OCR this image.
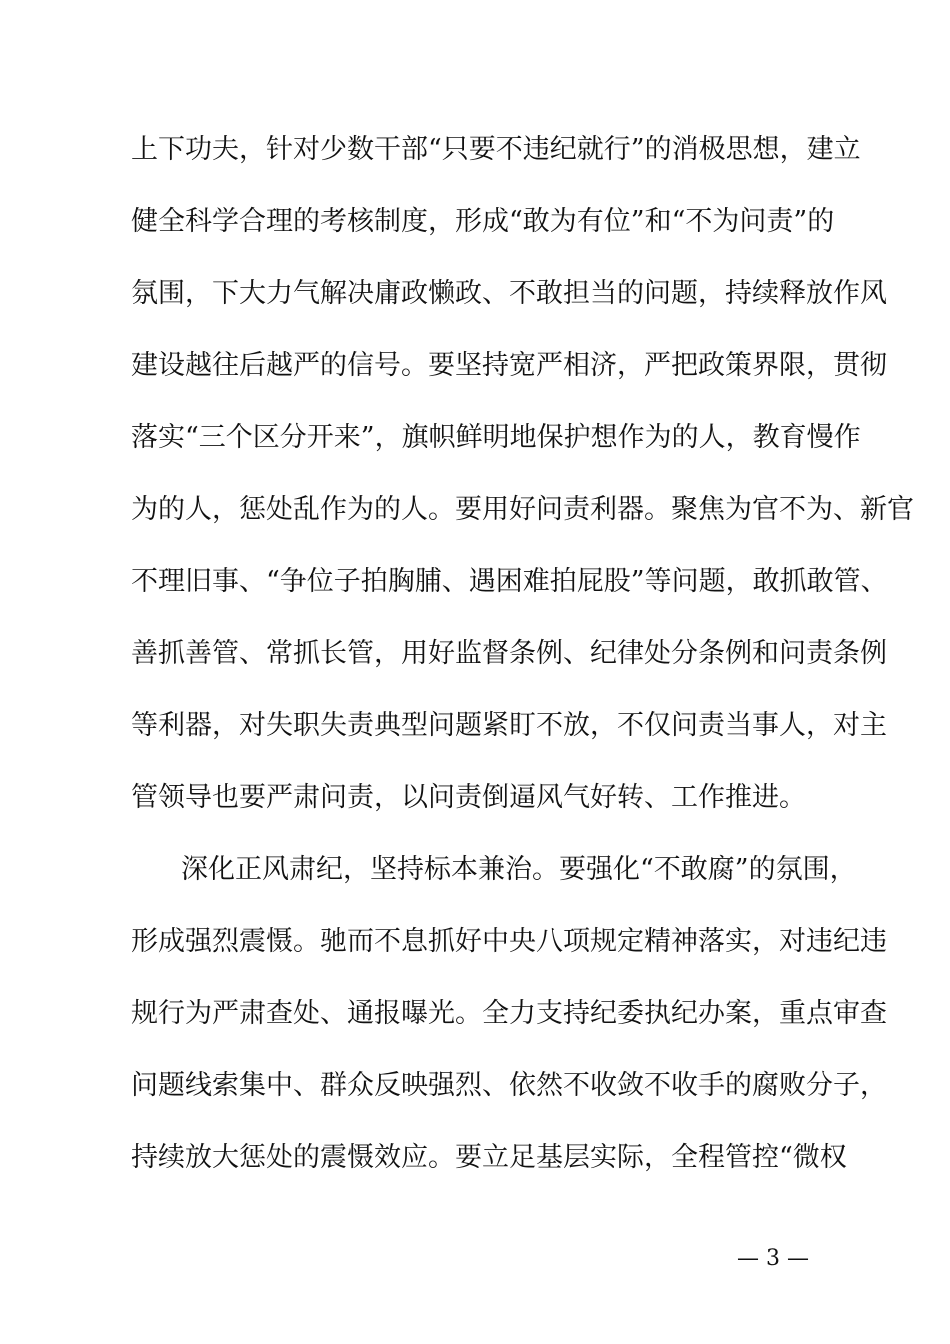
上下功夫，针对少数干部“只要不违纪就行”的消极思想，建立
健全科学合理的考核制度，形成“敢为有位”和“不为问责”的
氛围，下大力气解决庸政懒政、不敢担当的问题，持续释放作风
建设越往后越严的信号。要坚持宽严相济，严把政策界限，贯彻
落实“三个区分开来”，旗帜鲜明地保护想作为的人，教育慢作
为的人，惩处乱作为的人。要用好问责利器。聚焦为官不为、新官
不理旧事、“争位子拍胸脯、遇困难拍屁股”等问题，敢抓敢管、
善抓善管、常抓长管，用好监督条例、纪律处分条例和问责条例
等利器，对失职失责典型问题紧盯不放，不仅问责当事人，对主
管领导也要严肃问责，以问责倒逼风气好转、工作推进。
深化正风肃纪，坚持标本兼治。要强化“不敢腐”的氛围，
形成强烈震慑。驰而不息抓好中央八项规定精神落实，对违纪违
规行为严肃查处、通报曝光。全力支持纪委执纪办案，重点审查
问题线索集中、群众反映强烈、依然不收敛不收手的腐败分子，
持续放大惩处的震慑效应。要立足基层实际，全程管控“微权
— 3 —
